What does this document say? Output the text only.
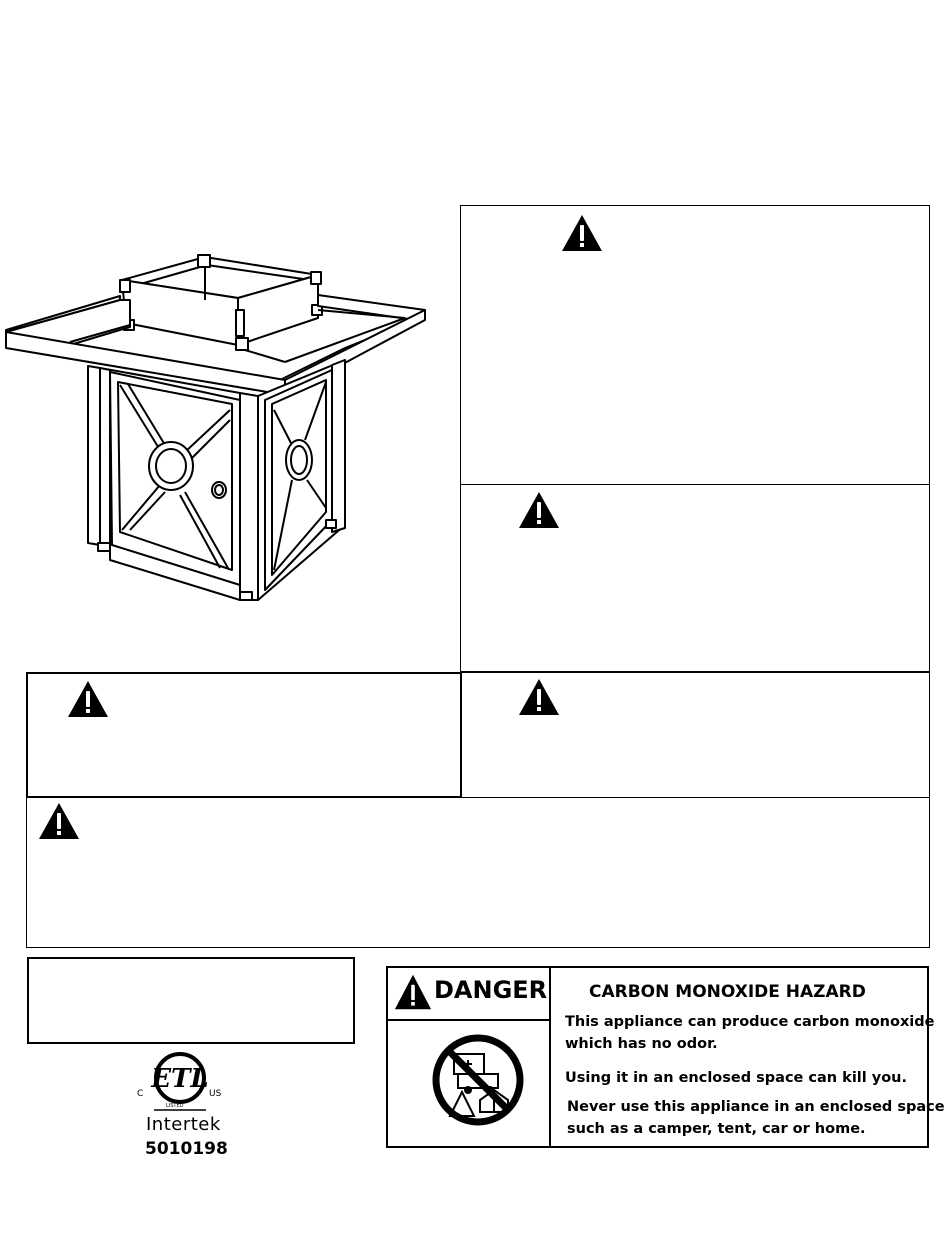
ETL
C	US
LISTED
Intertek
5010198
DANGER CARBON MONOXIDE HAZARD
This appliance can produce carbon monoxide
which has no odor.
Using it in an enclosed space can kill you.
Never use this appliance in an enclosed space
such as a camper, tent, car or home.
